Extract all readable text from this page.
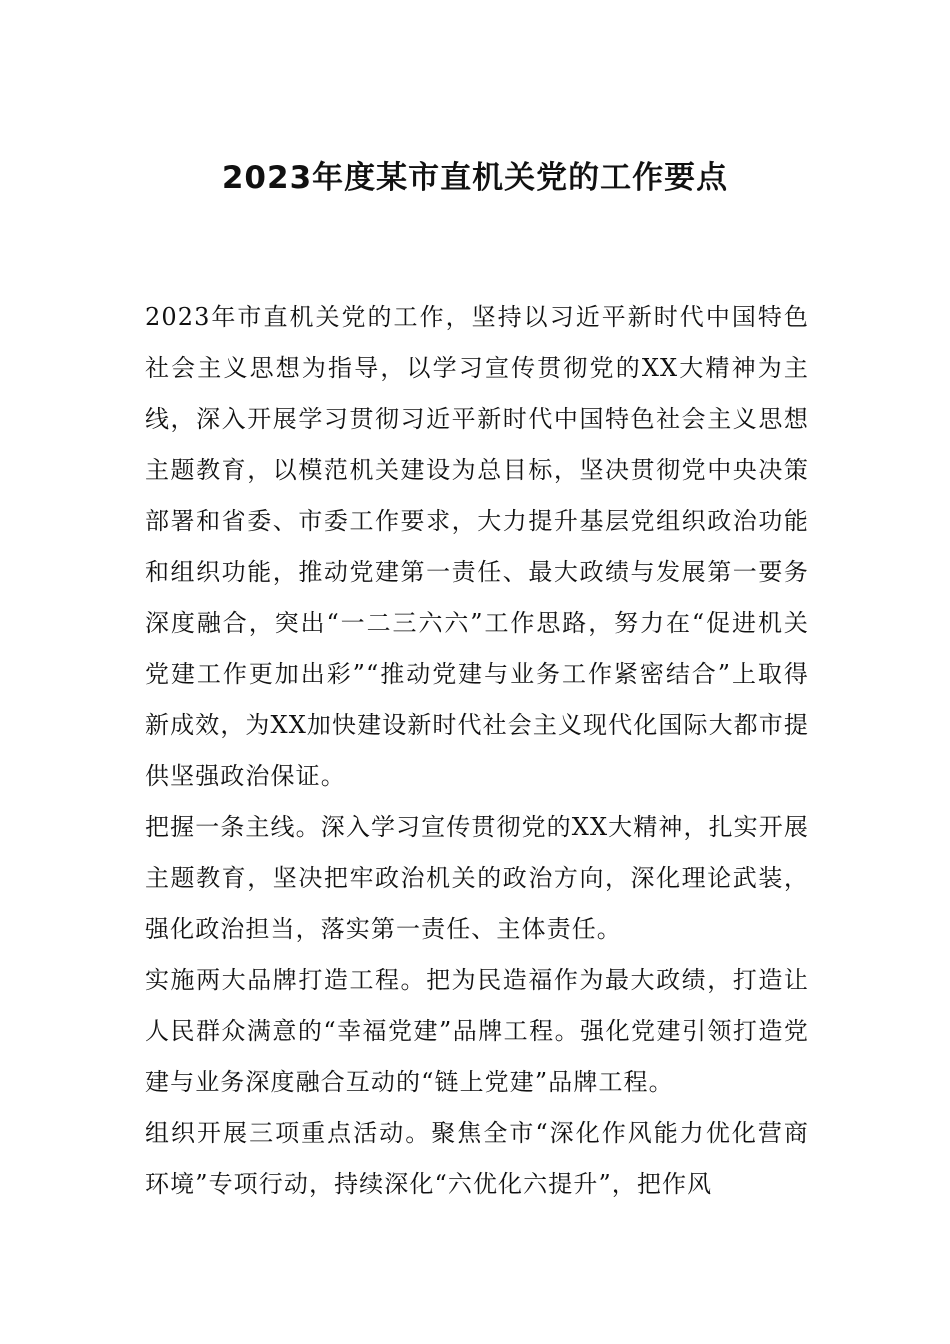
2023年度某市直机关党的工作要点

2023年市直机关党的工作，坚持以习近平新时代中国特色社会主义思想为指导，以学习宣传贯彻党的XX大精神为主线，深入开展学习贯彻习近平新时代中国特色社会主义思想主题教育，以模范机关建设为总目标，坚决贯彻党中央决策部署和省委、市委工作要求，大力提升基层党组织政治功能和组织功能，推动党建第一责任、最大政绩与发展第一要务深度融合，突出“一二三六六”工作思路，努力在“促进机关党建工作更加出彩”“推动党建与业务工作紧密结合”上取得新成效，为XX加快建设新时代社会主义现代化国际大都市提供坚强政治保证。

把握一条主线。深入学习宣传贯彻党的XX大精神，扎实开展主题教育，坚决把牢政治机关的政治方向，深化理论武装，强化政治担当，落实第一责任、主体责任。

实施两大品牌打造工程。把为民造福作为最大政绩，打造让人民群众满意的“幸福党建”品牌工程。强化党建引领打造党建与业务深度融合互动的“链上党建”品牌工程。

组织开展三项重点活动。聚焦全市“深化作风能力优化营商环境”专项行动，持续深化“六优化六提升”，把作风
